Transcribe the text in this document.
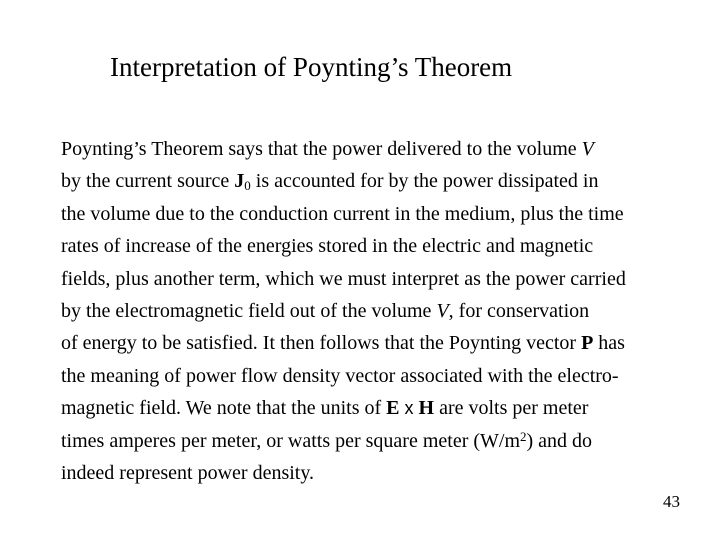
Interpretation of Poynting’s Theorem
Poynting’s Theorem says that the power delivered to the volume V
by the current source $J_0$ is accounted for by the power dissipated in
the volume due to the conduction current in the medium, plus the time
rates of increase of the energies stored in the electric and magnetic
fields, plus another term, which we must interpret as the power carried
by the electromagnetic field out of the volume V, for conservation
of energy to be satisfied. It then follows that the Poynting vector P has
the meaning of power flow density vector associated with the electro-
magnetic field. We note that the units of E x H are volts per meter
times amperes per meter, or watts per square meter $(W/m^2)$ and do
indeed represent power density.
43
